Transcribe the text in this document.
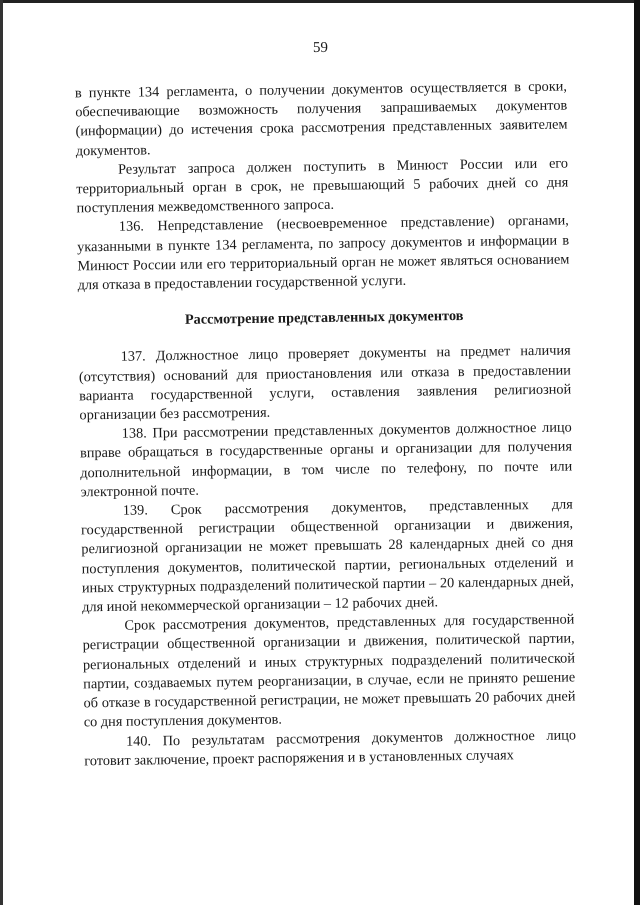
59

в пункте 134 регламента, о получении документов осуществляется в сроки, обеспечивающие возможность получения запрашиваемых документов (информации) до истечения срока рассмотрения представленных заявителем документов.

Результат запроса должен поступить в Минюст России или его территориальный орган в срок, не превышающий 5 рабочих дней со дня поступления межведомственного запроса.

136. Непредставление (несвоевременное представление) органами, указанными в пункте 134 регламента, по запросу документов и информации в Минюст России или его территориальный орган не может являться основанием для отказа в предоставлении государственной услуги.

Рассмотрение представленных документов

137. Должностное лицо проверяет документы на предмет наличия (отсутствия) оснований для приостановления или отказа в предоставлении варианта государственной услуги, оставления заявления религиозной организации без рассмотрения.

138. При рассмотрении представленных документов должностное лицо вправе обращаться в государственные органы и организации для получения дополнительной информации, в том числе по телефону, по почте или электронной почте.

139. Срок рассмотрения документов, представленных для государственной регистрации общественной организации и движения, религиозной организации не может превышать 28 календарных дней со дня поступления документов, политической партии, региональных отделений и иных структурных подразделений политической партии – 20 календарных дней, для иной некоммерческой организации – 12 рабочих дней.

Срок рассмотрения документов, представленных для государственной регистрации общественной организации и движения, политической партии, региональных отделений и иных структурных подразделений политической партии, создаваемых путем реорганизации, в случае, если не принято решение об отказе в государственной регистрации, не может превышать 20 рабочих дней со дня поступления документов.

140. По результатам рассмотрения документов должностное лицо готовит заключение, проект распоряжения и в установленных случаях
